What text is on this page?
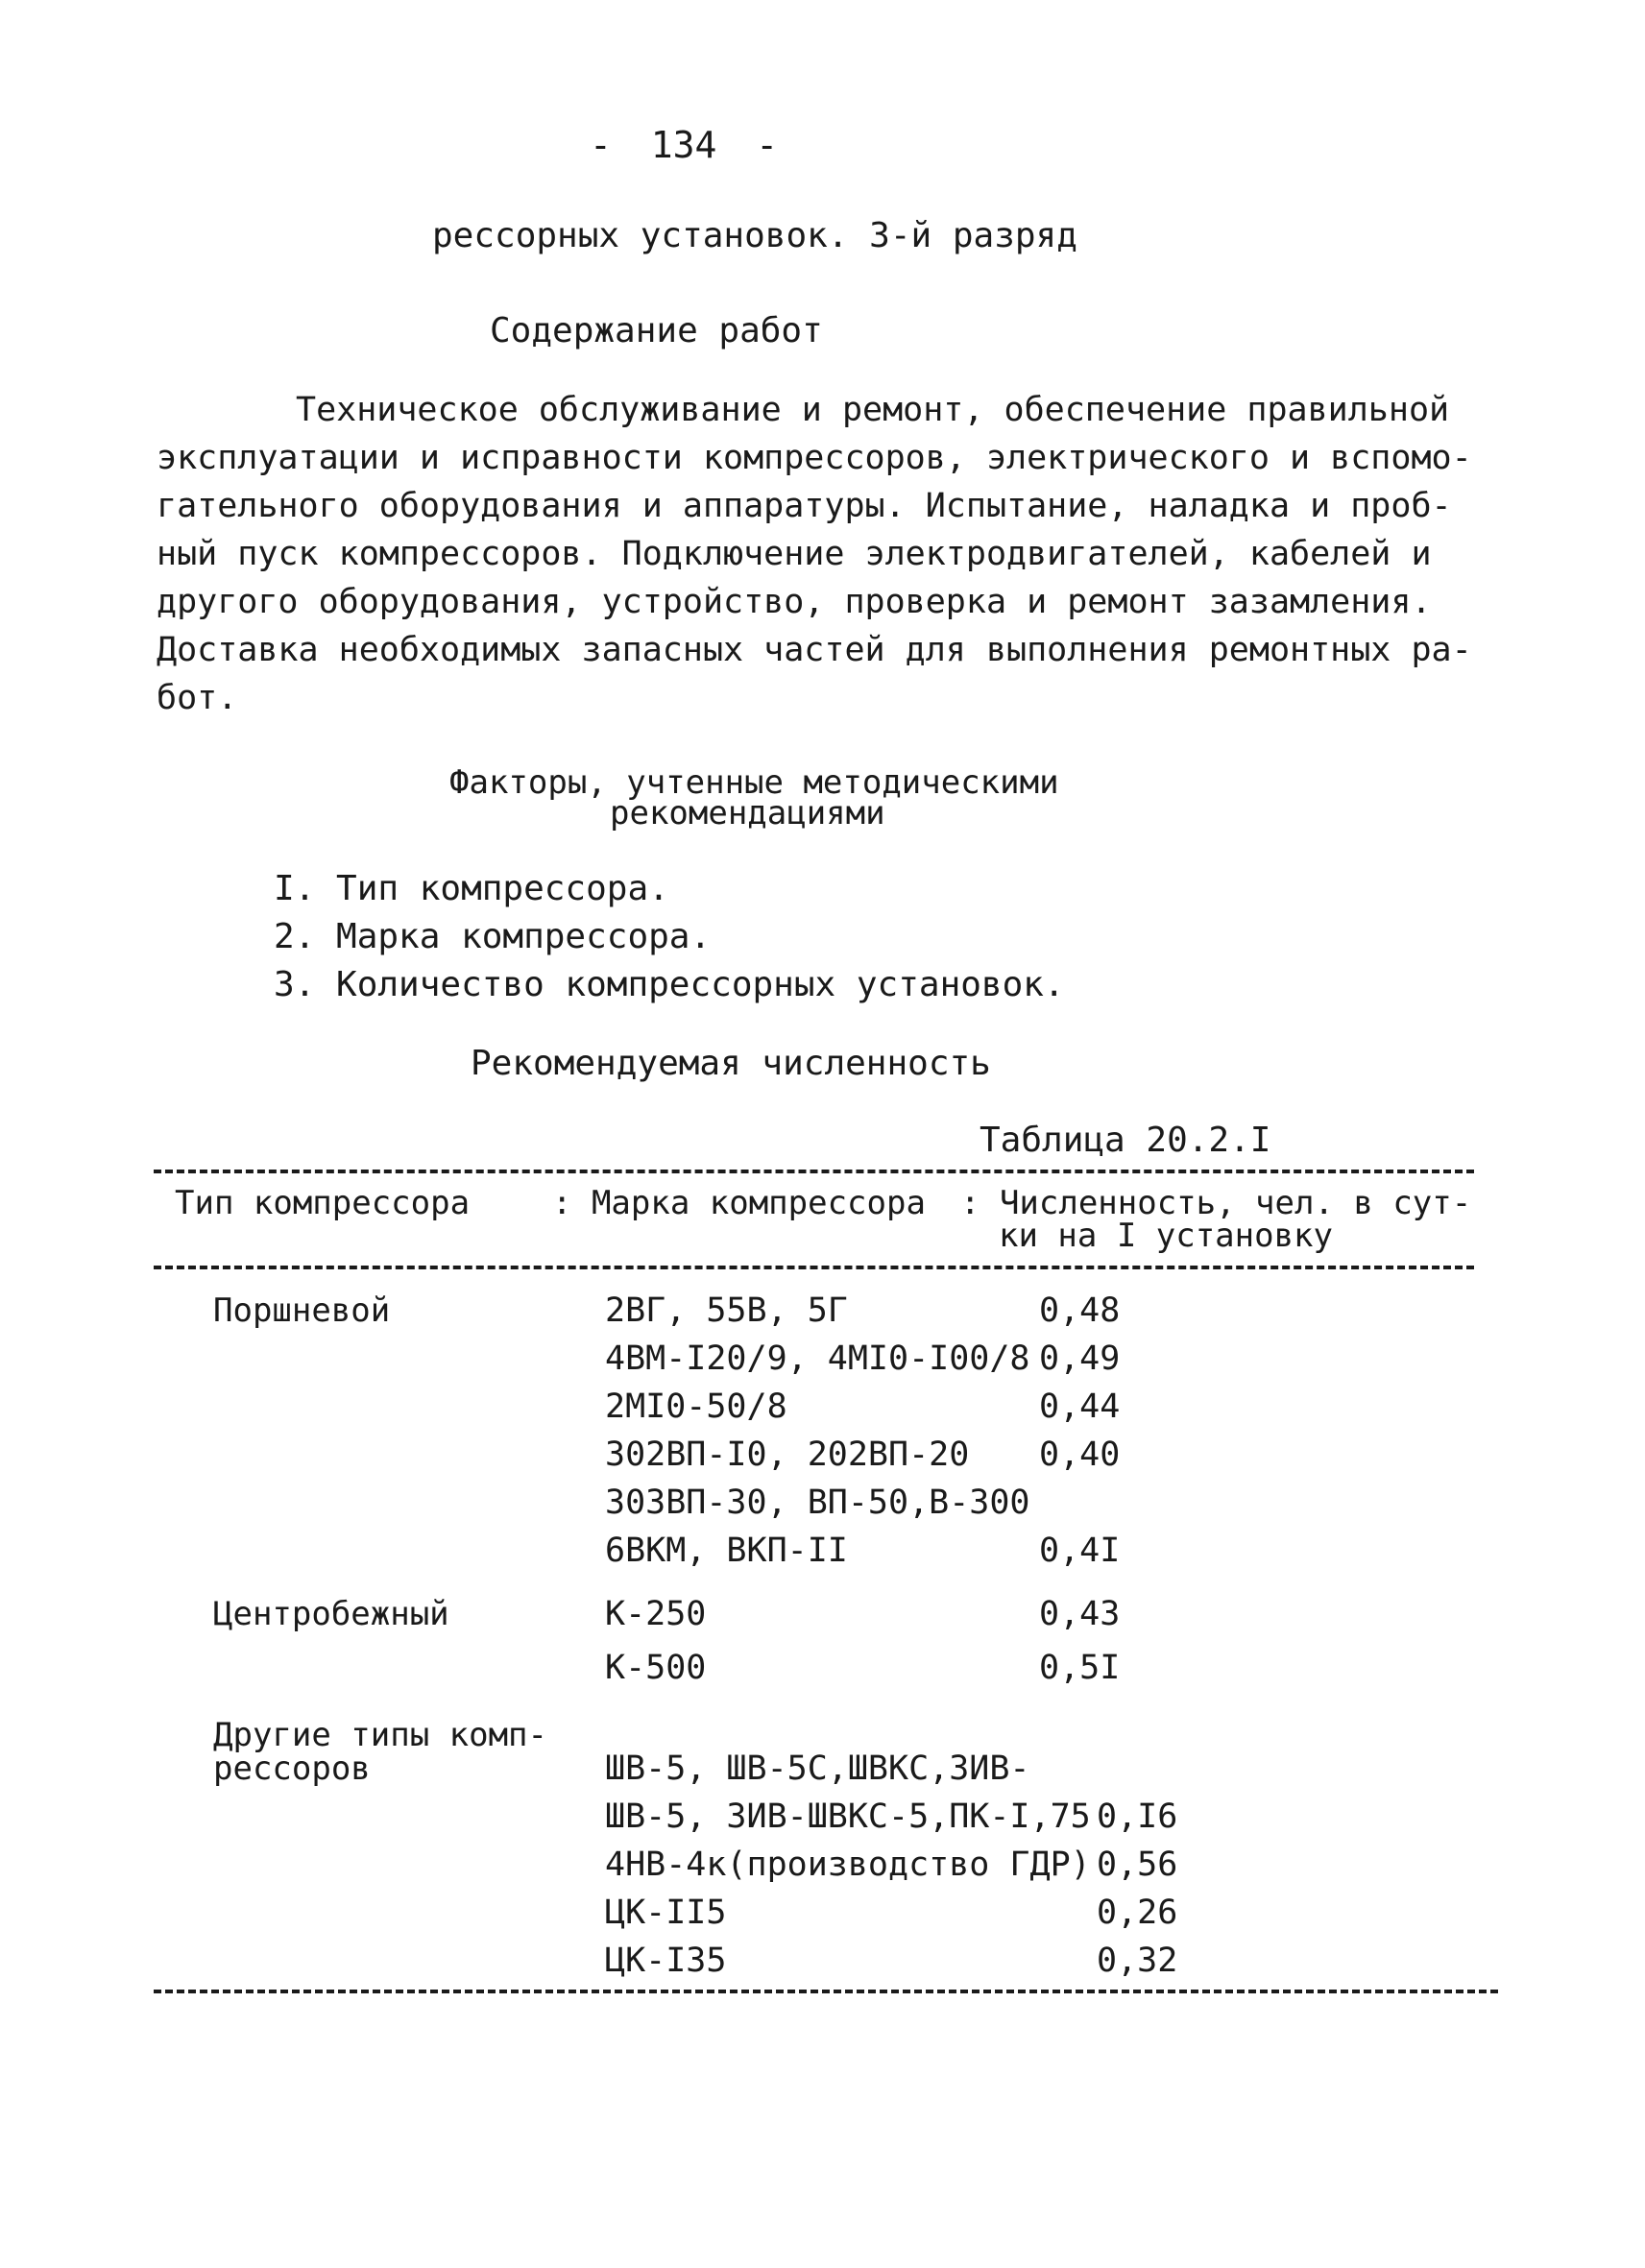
- 134 -
рессорных установок. 3-й разряд
Содержание работ
Техническое обслуживание и ремонт, обеспечение правильной
эксплуатации и исправности компрессоров, электрического и вспомо-
гательного оборудования и аппаратуры. Испытание, наладка и проб-
ный пуск компрессоров. Подключение электродвигателей, кабелей и
другого оборудования, устройство, проверка и ремонт зазамления.
Доставка необходимых запасных частей для выполнения ремонтных ра-
бот.
Факторы, учтенные методическими
рекомендациями
I. Тип компрессора.
2. Марка компрессора.
3. Количество компрессорных установок.
Рекомендуемая численность
Таблица 20.2.I
Тип компрессора	: Марка компрессора : Численность, чел. в сут-
ки на I установку
Поршневой	2ВГ, 55В, 5Г	0,48
4ВМ-I20/9, 4МI0-I00/8 0,49
2МI0-50/8	0,44
302ВП-I0, 202ВП-20 0,40
303ВП-30, ВП-50,В-300
6ВКМ, ВКП-II	0,4I
Центробежный	К-250	0,43
К-500	0,5I
Другие типы комп-
рессоров	ШВ-5, ШВ-5С,ШВКС,ЗИВ-
ШВ-5, ЗИВ-ШВКС-5,ПК-I,75 0,I6
4НВ-4к(производство ГДР) 0,56
ЦК-II5	0,26
ЦК-I35	0,32
